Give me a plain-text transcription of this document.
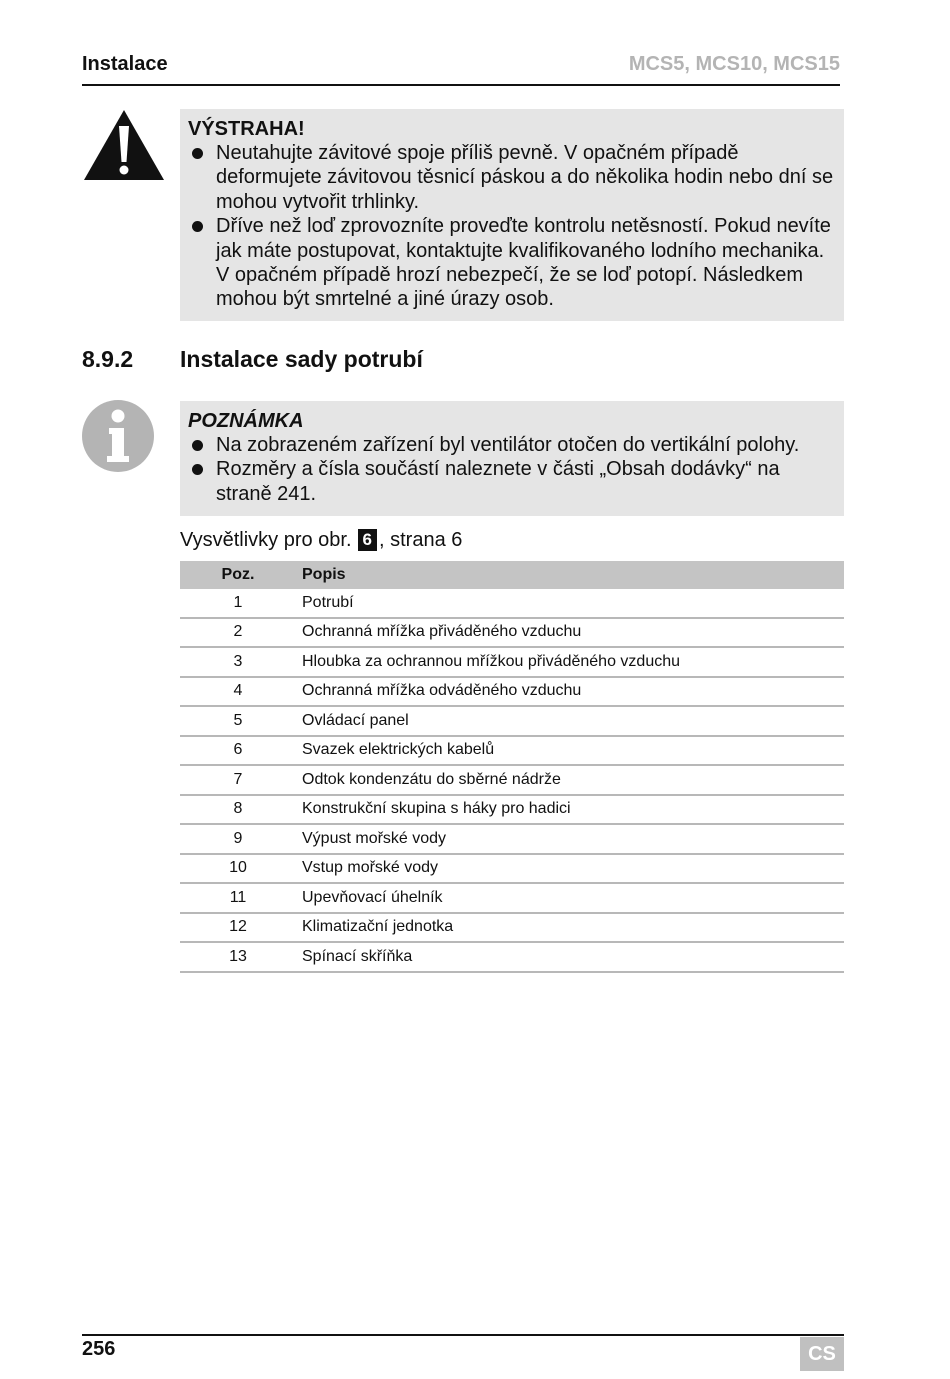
Instalace	MCS5, MCS10, MCS15
VÝSTRAHA!
Neutahujte závitové spoje příliš pevně. V opačném případě deformujete závitovou těsnicí páskou a do několika hodin nebo dní se mohou vytvořit trhlinky.
Dříve než loď zprovozníte proveďte kontrolu netěsností. Pokud nevíte jak máte postupovat, kontaktujte kvalifikovaného lodního mechanika. V opačném případě hrozí nebezpečí, že se loď potopí. Následkem mohou být smrtelné a jiné úrazy osob.
8.9.2 Instalace sady potrubí
POZNÁMKA
Na zobrazeném zařízení byl ventilátor otočen do vertikální polohy.
Rozměry a čísla součástí naleznete v části „Obsah dodávky“ na straně 241.
Vysvětlivky pro obr. 6 , strana 6
Poz.	Popis
1	Potrubí
2	Ochranná mřížka přiváděného vzduchu
3	Hloubka za ochrannou mřížkou přiváděného vzduchu
4	Ochranná mřížka odváděného vzduchu
5	Ovládací panel
6	Svazek elektrických kabelů
7	Odtok kondenzátu do sběrné nádrže
8	Konstrukční skupina s háky pro hadici
9	Výpust mořské vody
10	Vstup mořské vody
11	Upevňovací úhelník
12	Klimatizační jednotka
13	Spínací skříňka
256	CS
